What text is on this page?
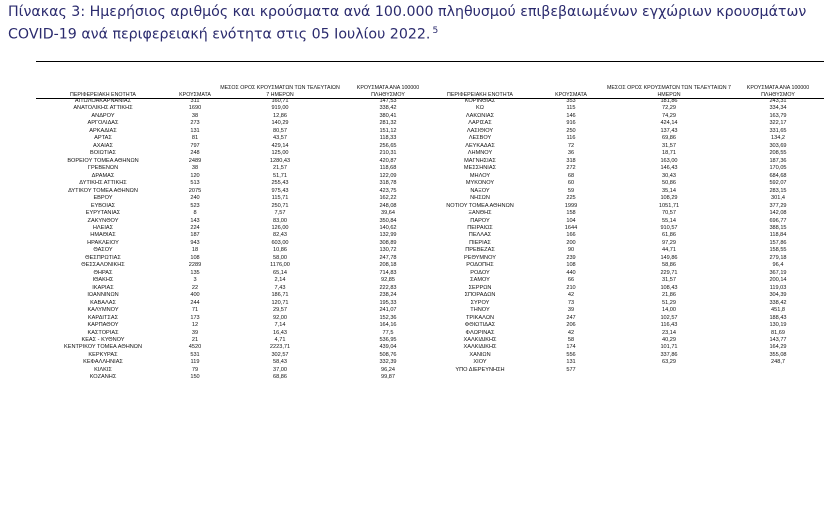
Πίνακας 3: Ημερήσιος αριθμός και κρούσματα ανά 100.000 πληθυσμού επιβεβαιωμένων εγχώριων κρουσμάτων
COVID-19 ανά περιφερειακή ενότητα στις 05 Ιουλίου 2022. $^5$
ΠΕΡΙΦΕΡΕΙΑΚΗ ΕΝΟΤΗΤΑ	ΚΡΟΥΣΜΑΤΑ	ΜΕΣΟΣ ΟΡΟΣ ΚΡΟΥΣΜΑΤΩΝ ΤΩΝ ΤΕΛΕΥΤΑΙΩΝ 7 ΗΜΕΡΩΝ	ΚΡΟΥΣΜΑΤΑ ΑΝΑ 100000 ΠΛΗΘΥΣΜΟΥ
ΑΙΤΩΛΟΑΚΑΡΝΑΝΙΑΣ	311	160,71	147,53
ΑΝΑΤΟΛΙΚΗΣ ΑΤΤΙΚΗΣ	1690	919,00	338,42
ΑΝΔΡΟΥ	38	12,86	380,41
ΑΡΓΟΛΙΔΑΣ	273	140,29	281,32
ΑΡΚΑΔΙΑΣ	131	80,57	151,12
ΑΡΤΑΣ	81	43,57	118,33
ΑΧΑΪΑΣ	797	429,14	256,65
ΒΟΙΩΤΙΑΣ	248	125,00	210,31
ΒΟΡΕΙΟΥ ΤΟΜΕΑ ΑΘΗΝΩΝ	2489	1280,43	420,87
ΓΡΕΒΕΝΩΝ	38	21,57	118,68
ΔΡΑΜΑΣ	120	51,71	122,09
ΔΥΤΙΚΗΣ ΑΤΤΙΚΗΣ	513	255,43	318,78
ΔΥΤΙΚΟΥ ΤΟΜΕΑ ΑΘΗΝΩΝ	2075	975,43	423,75
ΕΒΡΟΥ	240	115,71	162,22
ΕΥΒΟΙΑΣ	523	250,71	248,08
ΕΥΡΥΤΑΝΙΑΣ	8	7,57	39,64
ΖΑΚΥΝΘΟΥ	143	83,00	350,84
ΗΛΕΙΑΣ	224	126,00	140,62
ΗΜΑΘΙΑΣ	187	82,43	132,99
ΗΡΑΚΛΕΙΟΥ	943	603,00	308,89
ΘΑΣΟΥ	18	10,86	130,72
ΘΕΣΠΡΩΤΙΑΣ	108	58,00	247,78
ΘΕΣΣΑΛΟΝΙΚΗΣ	2289	1176,00	208,18
ΘΗΡΑΣ	135	65,14	714,83
ΙΘΑΚΗΣ	3	2,14	92,85
ΙΚΑΡΙΑΣ	22	7,43	222,83
ΙΩΑΝΝΙΝΩΝ	400	186,71	238,24
ΚΑΒΑΛΑΣ	244	120,71	195,33
ΚΑΛΥΜΝΟΥ	71	29,57	241,07
ΚΑΡΔΙΤΣΑΣ	173	92,00	152,36
ΚΑΡΠΑΘΟΥ	12	7,14	164,16
ΚΑΣΤΟΡΙΑΣ	39	16,43	77,5
ΚΕΑΣ - ΚΥΘΝΟΥ	21	4,71	536,95
ΚΕΝΤΡΙΚΟΥ ΤΟΜΕΑ ΑΘΗΝΩΝ	4520	2223,71	439,04
ΚΕΡΚΥΡΑΣ	531	302,57	508,76
ΚΕΦΑΛΛΗΝΙΑΣ	119	58,43	332,39
ΚΙΛΚΙΣ	79	37,00	96,24
ΚΟΖΑΝΗΣ	150	68,86	99,87
ΠΕΡΙΦΕΡΕΙΑΚΗ ΕΝΟΤΗΤΑ	ΚΡΟΥΣΜΑΤΑ	ΜΕΣΟΣ ΟΡΟΣ ΚΡΟΥΣΜΑΤΩΝ ΤΩΝ ΤΕΛΕΥΤΑΙΩΝ 7 ΗΜΕΡΩΝ	ΚΡΟΥΣΜΑΤΑ ΑΝΑ 100000 ΠΛΗΘΥΣΜΟΥ
ΚΟΡΙΝΘΙΑΣ	353	181,86	243,31
ΚΩ	115	72,29	334,34
ΛΑΚΩΝΙΑΣ	146	74,29	163,79
ΛΑΡΙΣΑΣ	916	424,14	322,17
ΛΑΣΙΘΙΟΥ	250	137,43	331,65
ΛΕΣΒΟΥ	116	69,86	134,2
ΛΕΥΚΑΔΑΣ	72	31,57	303,69
ΛΗΜΝΟΥ	36	18,71	208,55
ΜΑΓΝΗΣΙΑΣ	318	163,00	187,36
ΜΕΣΣΗΝΙΑΣ	272	146,43	170,05
ΜΗΛΟΥ	68	30,43	684,68
ΜΥΚΟΝΟΥ	60	50,86	592,07
ΝΑΞΟΥ	59	35,14	283,15
ΝΗΣΩΝ	225	108,29	301,4
ΝΟΤΙΟΥ ΤΟΜΕΑ ΑΘΗΝΩΝ	1999	1051,71	377,29
ΞΑΝΘΗΣ	158	70,57	142,08
ΠΑΡΟΥ	104	55,14	696,77
ΠΕΙΡΑΙΩΣ	1644	910,57	388,15
ΠΕΛΛΑΣ	166	61,86	118,84
ΠΙΕΡΙΑΣ	200	97,29	157,86
ΠΡΕΒΕΖΑΣ	90	44,71	158,55
ΡΕΘΥΜΝΟΥ	239	149,86	279,18
ΡΟΔΟΠΗΣ	108	58,86	96,4
ΡΟΔΟΥ	440	229,71	367,19
ΣΑΜΟΥ	66	31,57	200,14
ΣΕΡΡΩΝ	210	108,43	119,03
ΣΠΟΡΑΔΩΝ	42	21,86	304,39
ΣΥΡΟΥ	73	51,29	338,42
ΤΗΝΟΥ	39	14,00	451,8
ΤΡΙΚΑΛΩΝ	247	102,57	188,43
ΦΘΙΩΤΙΔΑΣ	206	116,43	130,19
ΦΛΩΡΙΝΑΣ	42	23,14	81,69
ΧΑΛΚΙΔΙΚΗΣ	58	40,29	143,77
ΧΑΛΚΙΔΙΚΗΣ	174	101,71	164,29
ΧΑΝΙΩΝ	556	337,86	355,08
ΧΙΟΥ	131	63,29	248,7
ΥΠΟ ΔΙΕΡΕΥΝΗΣΗ	577		
